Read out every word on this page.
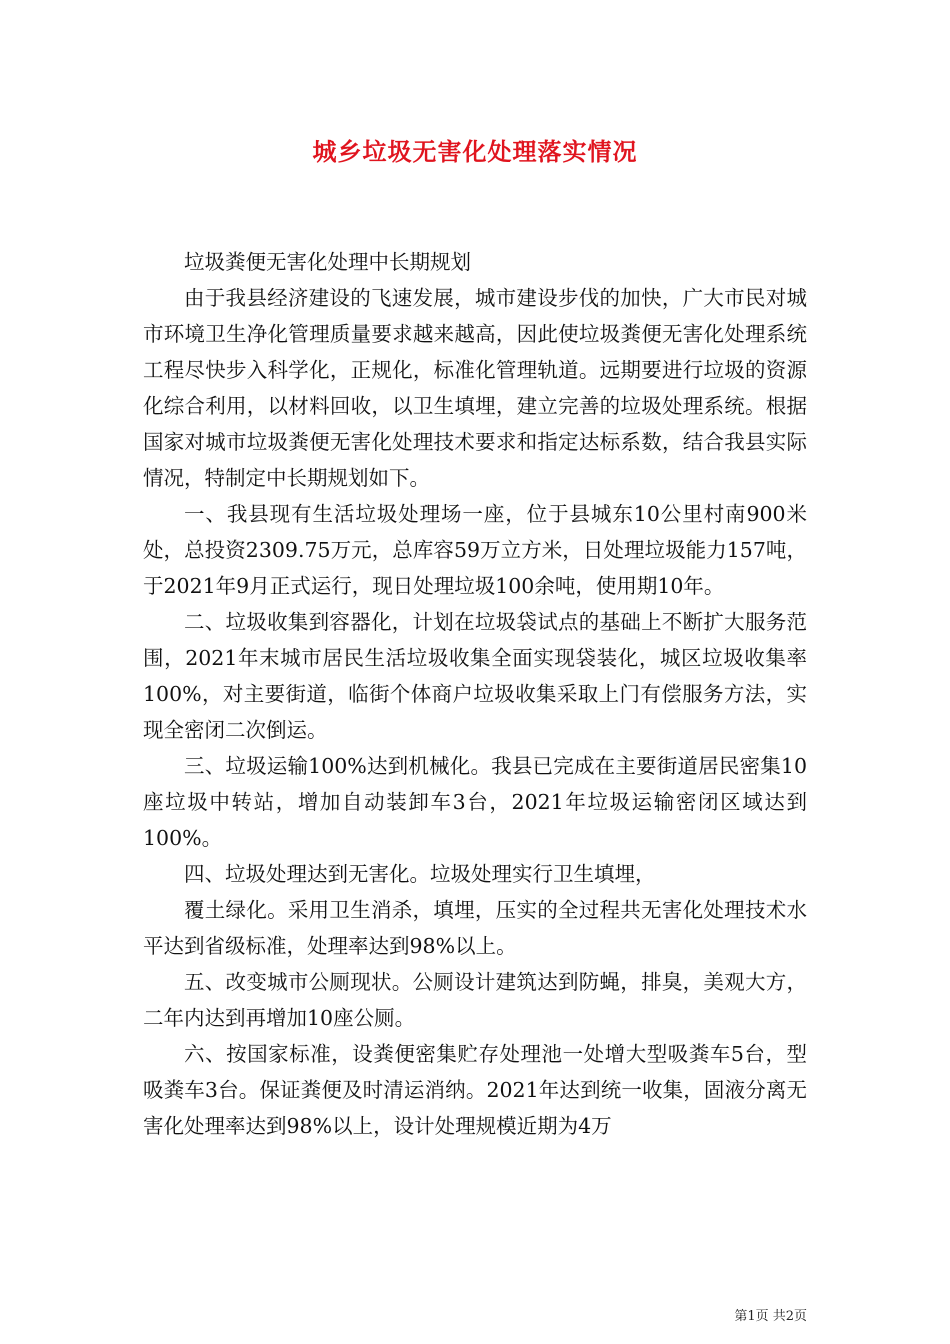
城乡垃圾无害化处理落实情况

垃圾粪便无害化处理中长期规划

由于我县经济建设的飞速发展，城市建设步伐的加快，广大市民对城市环境卫生净化管理质量要求越来越高，因此使垃圾粪便无害化处理系统工程尽快步入科学化，正规化，标准化管理轨道。远期要进行垃圾的资源化综合利用，以材料回收，以卫生填埋，建立完善的垃圾处理系统。根据国家对城市垃圾粪便无害化处理技术要求和指定达标系数，结合我县实际情况，特制定中长期规划如下。

一、我县现有生活垃圾处理场一座，位于县城东10公里村南900米处，总投资2309.75万元，总库容59万立方米，日处理垃圾能力157吨，于2021年9月正式运行，现日处理垃圾100余吨，使用期10年。

二、垃圾收集到容器化，计划在垃圾袋试点的基础上不断扩大服务范围，2021年末城市居民生活垃圾收集全面实现袋装化，城区垃圾收集率100%，对主要街道，临街个体商户垃圾收集采取上门有偿服务方法，实现全密闭二次倒运。

三、垃圾运输100%达到机械化。我县已完成在主要街道居民密集10座垃圾中转站，增加自动装卸车3台，2021年垃圾运输密闭区域达到100%。

四、垃圾处理达到无害化。垃圾处理实行卫生填埋，

覆土绿化。采用卫生消杀，填埋，压实的全过程共无害化处理技术水平达到省级标准，处理率达到98%以上。

五、改变城市公厕现状。公厕设计建筑达到防蝇，排臭，美观大方，二年内达到再增加10座公厕。

六、按国家标准，设粪便密集贮存处理池一处增大型吸粪车5台，型吸粪车3台。保证粪便及时清运消纳。2021年达到统一收集，固液分离无害化处理率达到98%以上，设计处理规模近期为4万

第1页 共2页
